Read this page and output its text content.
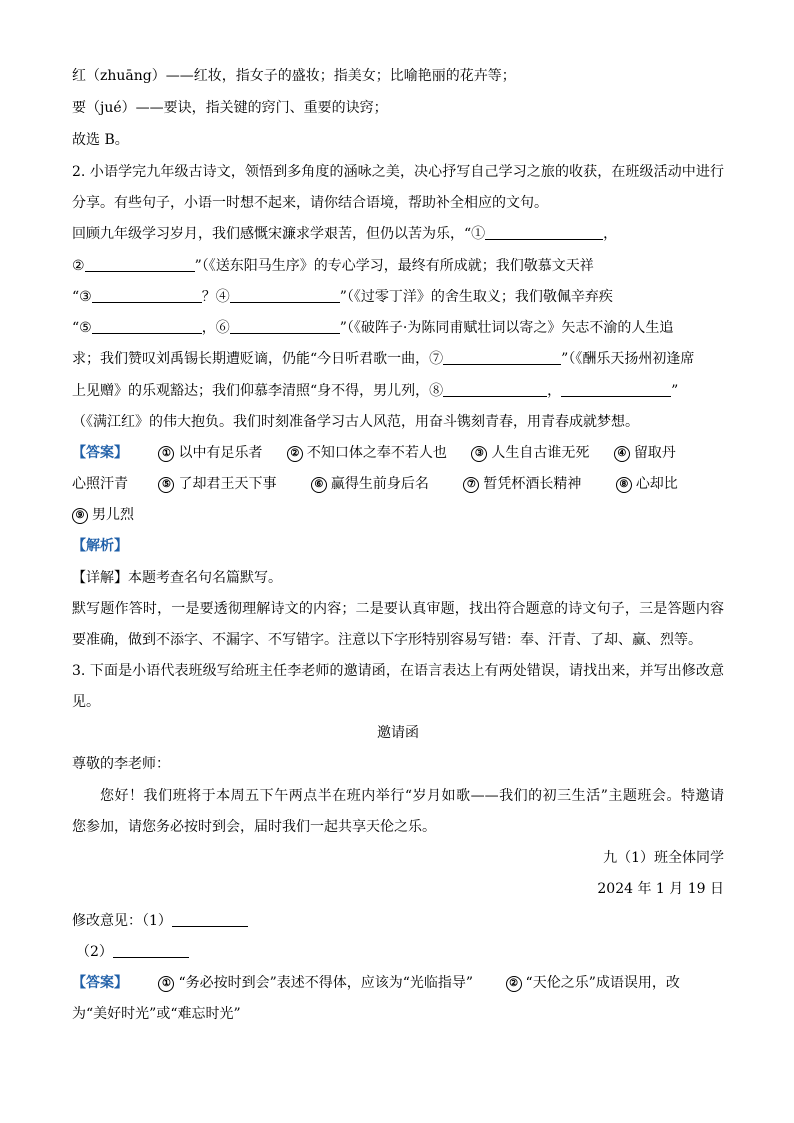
红（zhuāng）——红妆，指女子的盛妆；指美女；比喻艳丽的花卉等；
要（jué）——要诀，指关键的窍门、重要的诀窍；
故选 B。
2. 小语学完九年级古诗文，领悟到多角度的涵咏之美，决心抒写自己学习之旅的收获，在班级活动中进行
分享。有些句子，小语一时想不起来，请你结合语境，帮助补全相应的文句。
回顾九年级学习岁月，我们感慨宋濂求学艰苦，但仍以苦为乐，“①	，
②	”（《送东阳马生序》的专心学习，最终有所成就；我们敬慕文天祥
“③	？④	”（《过零丁洋》的舍生取义；我们敬佩辛弃疾
“⑤	，⑥	”（《破阵子·为陈同甫赋壮词以寄之》矢志不渝的人生追
求；我们赞叹刘禹锡长期遭贬谪，仍能“今日听君歌一曲，⑦	”（《酬乐天扬州初逢席
上见赠》的乐观豁达；我们仰慕李清照“身不得，男儿列，⑧	，	”
（《满江红》的伟大抱负。我们时刻准备学习古人风范，用奋斗镌刻青春，用青春成就梦想。
【答案】	① 以中有足乐者	② 不知口体之奉不若人也	③ 人生自古谁无死	④ 留取丹
心照汗青	⑤ 了却君王天下事	⑥ 赢得生前身后名	⑦ 暂凭杯酒长精神	⑧ 心却比
⑨ 男儿烈
【解析】
【详解】本题考查名句名篇默写。
默写题作答时，一是要透彻理解诗文的内容；二是要认真审题，找出符合题意的诗文句子，三是答题内容
要准确，做到不添字、不漏字、不写错字。注意以下字形特别容易写错：奉、汗青、了却、赢、烈等。
3. 下面是小语代表班级写给班主任李老师的邀请函，在语言表达上有两处错误，请找出来，并写出修改意
见。
邀请函
尊敬的李老师：
您好！我们班将于本周五下午两点半在班内举行“岁月如歌——我们的初三生活”主题班会。特邀请
您参加，请您务必按时到会，届时我们一起共享天伦之乐。
九（1）班全体同学
2024 年 1 月 19 日
修改意见：（1）
（2）
【答案】	① “务必按时到会”表述不得体，应该为“光临指导”	② “天伦之乐”成语误用，改
为“美好时光”或“难忘时光”
